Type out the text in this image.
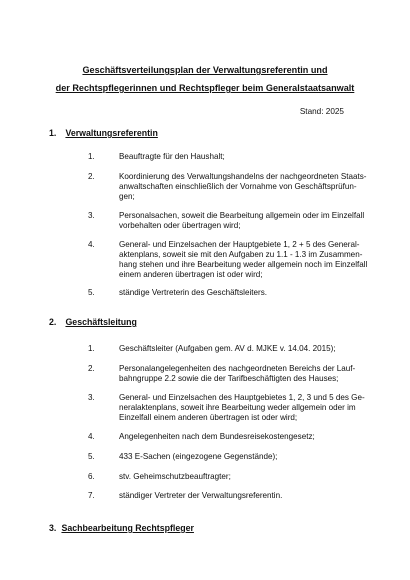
Geschäftsverteilungsplan der Verwaltungsreferentin und
der Rechtspflegerinnen und Rechtspfleger beim Generalstaatsanwalt
Stand: 2025
1. Verwaltungsreferentin
1.	Beauftragte für den Haushalt;
2.	Koordinierung des Verwaltungshandelns der nachgeordneten Staats-
anwaltschaften einschließlich der Vornahme von Geschäftsprüfun-
gen;
3.	Personalsachen, soweit die Bearbeitung allgemein oder im Einzelfall
vorbehalten oder übertragen wird;
4.	General- und Einzelsachen der Hauptgebiete 1, 2 + 5 des General-
aktenplans, soweit sie mit den Aufgaben zu 1.1 - 1.3 im Zusammen-
hang stehen und ihre Bearbeitung weder allgemein noch im Einzelfall
einem anderen übertragen ist oder wird;
5.	ständige Vertreterin des Geschäftsleiters.
2. Geschäftsleitung
1.	Geschäftsleiter (Aufgaben gem. AV d. MJKE v. 14.04. 2015);
2.	Personalangelegenheiten des nachgeordneten Bereichs der Lauf-
bahngruppe 2.2 sowie die der Tarifbeschäftigten des Hauses;
3.	General- und Einzelsachen des Hauptgebietes 1, 2, 3 und 5 des Ge-
neralaktenplans, soweit ihre Bearbeitung weder allgemein oder im
Einzelfall einem anderen übertragen ist oder wird;
4.	Angelegenheiten nach dem Bundesreisekostengesetz;
5.	433 E-Sachen (eingezogene Gegenstände);
6.	stv. Geheimschutzbeauftragter;
7.	ständiger Vertreter der Verwaltungsreferentin.
3. Sachbearbeitung Rechtspfleger
